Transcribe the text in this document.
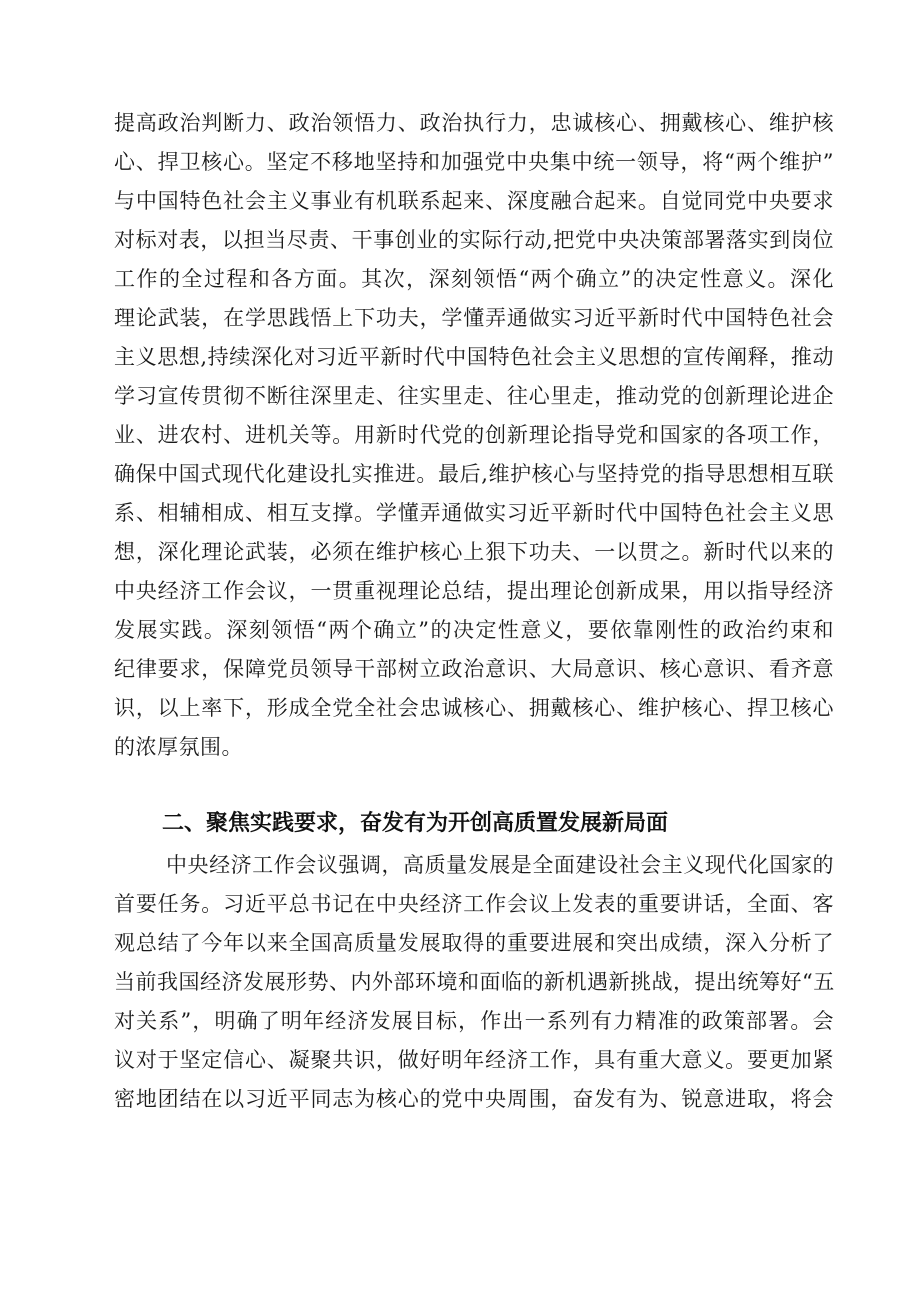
提高政治判断力、政治领悟力、政治执行力，忠诚核心、拥戴核心、维护核
心、捍卫核心。坚定不移地坚持和加强党中央集中统一领导，将“两个维护”
与中国特色社会主义事业有机联系起来、深度融合起来。自觉同党中央要求
对标对表，以担当尽责、干事创业的实际行动,把党中央决策部署落实到岗位
工作的全过程和各方面。其次，深刻领悟“两个确立”的决定性意义。深化
理论武装，在学思践悟上下功夫，学懂弄通做实习近平新时代中国特色社会
主义思想,持续深化对习近平新时代中国特色社会主义思想的宣传阐释，推动
学习宣传贯彻不断往深里走、往实里走、往心里走，推动党的创新理论进企
业、进农村、进机关等。用新时代党的创新理论指导党和国家的各项工作，
确保中国式现代化建设扎实推进。最后,维护核心与坚持党的指导思想相互联
系、相辅相成、相互支撑。学懂弄通做实习近平新时代中国特色社会主义思
想，深化理论武装，必须在维护核心上狠下功夫、一以贯之。新时代以来的
中央经济工作会议，一贯重视理论总结，提出理论创新成果，用以指导经济
发展实践。深刻领悟“两个确立”的决定性意义，要依靠刚性的政治约束和
纪律要求，保障党员领导干部树立政治意识、大局意识、核心意识、看齐意
识，以上率下，形成全党全社会忠诚核心、拥戴核心、维护核心、捍卫核心
的浓厚氛围。
二、聚焦实践要求，奋发有为开创高质置发展新局面
中央经济工作会议强调，高质量发展是全面建设社会主义现代化国家的
首要任务。习近平总书记在中央经济工作会议上发表的重要讲话，全面、客
观总结了今年以来全国高质量发展取得的重要进展和突出成绩，深入分析了
当前我国经济发展形势、内外部环境和面临的新机遇新挑战，提出统筹好“五
对关系”，明确了明年经济发展目标，作出一系列有力精准的政策部署。会
议对于坚定信心、凝聚共识，做好明年经济工作，具有重大意义。要更加紧
密地团结在以习近平同志为核心的党中央周围，奋发有为、锐意进取，将会
